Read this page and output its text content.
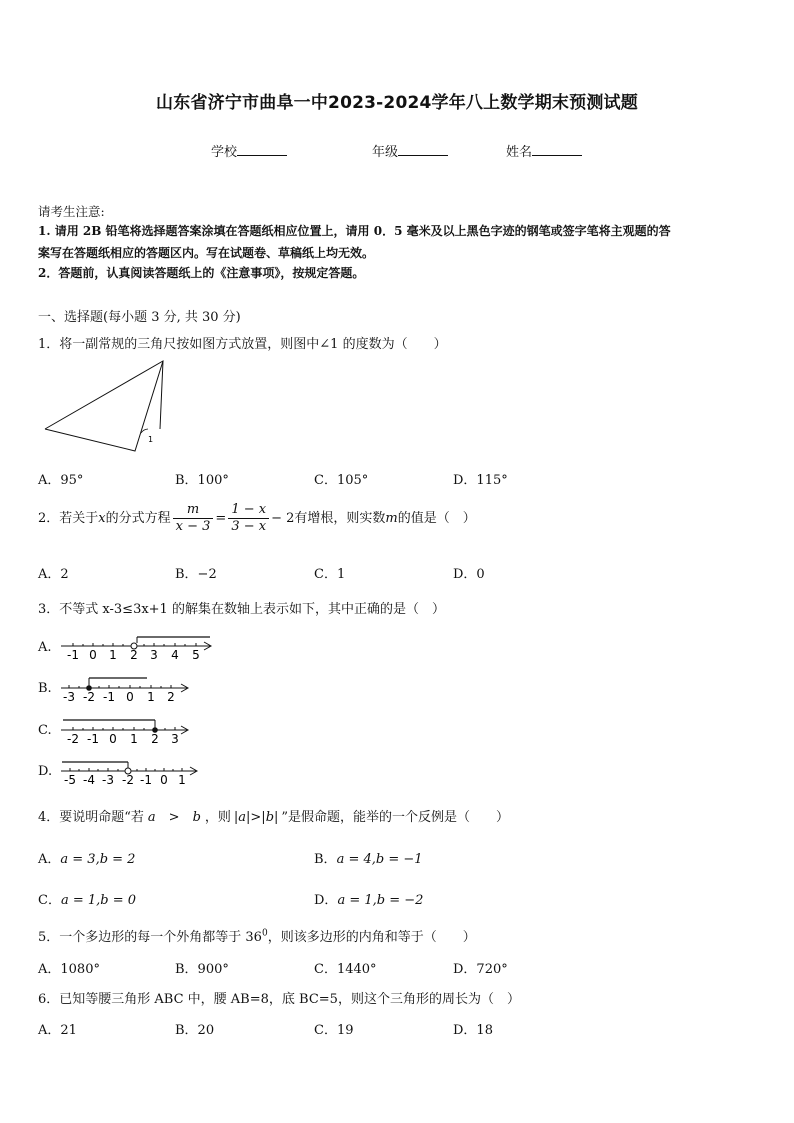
山东省济宁市曲阜一中2023-2024学年八上数学期末预测试题
学校	年级	姓名
请考生注意:
1. 请用 2B 铅笔将选择题答案涂填在答题纸相应位置上，请用 0．5 毫米及以上黑色字迹的钢笔或签字笔将主观题的答
案写在答题纸相应的答题区内。写在试题卷、草稿纸上均无效。
2．答题前，认真阅读答题纸上的《注意事项》，按规定答题。
一、选择题(每小题 3 分, 共 30 分)
1．将一副常规的三角尺按如图方式放置，则图中∠1 的度数为（　　）
1
A．95°	B．100°	C．105°	D．115°
2．若关于x的分式方程 $\frac{m}{x - 3} = \frac{1 - x}{3 - x} - 2$有增根，则实数m的值是（　）
A．2	B．−2	C．1	D．0
3．不等式 x-3≤3x+1 的解集在数轴上表示如下，其中正确的是（　）
A. -1 0 1 2 3 4 5
B.
-3 -2 -1 0 1 2
C.
-2 -1 0 1 2 3
D.
-5 -4 -3 -2 -1 0 1
4．要说明命题“若 a　>　b ，则 |a|>|b| ”是假命题，能举的一个反例是（　　）
A．a = 3,b = 2	B．a = 4,b = −1
C．a = 1,b = 0	D．a = 1,b = −2
5．一个多边形的每一个外角都等于 $36^0$，则该多边形的内角和等于（　　）
A．1080°	B．900°	C．1440°	D．720°
6．已知等腰三角形 ABC 中，腰 AB=8，底 BC=5，则这个三角形的周长为（　）
A．21	B．20	C．19	D．18
